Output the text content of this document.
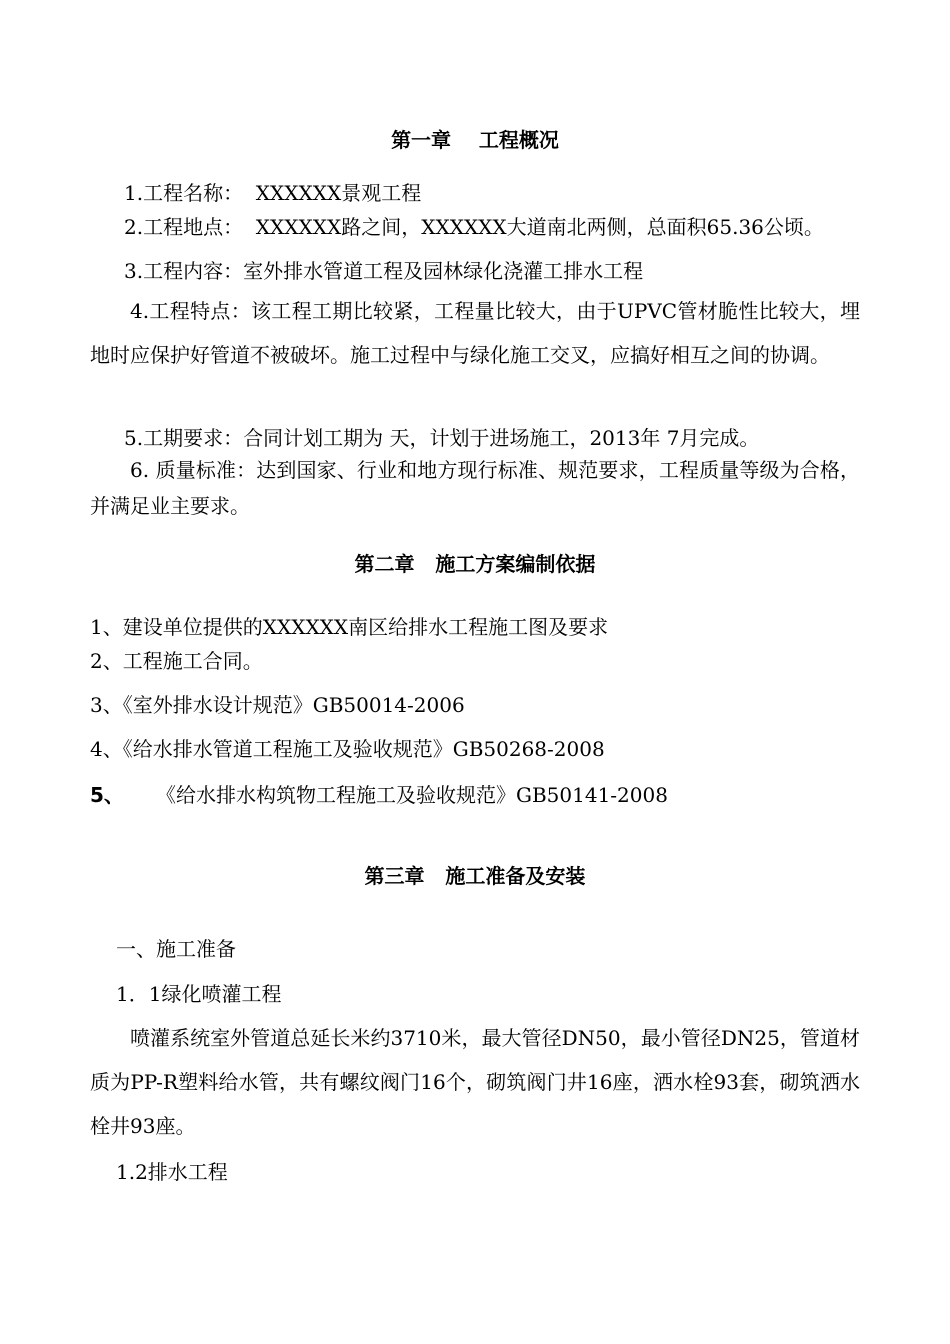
第一章    工程概况
1.工程名称：  XXXXXX景观工程
2.工程地点：  XXXXXX路之间，XXXXXX大道南北两侧，总面积65.36公顷。
3.工程内容：室外排水管道工程及园林绿化浇灌工排水工程
4.工程特点：该工程工期比较紧，工程量比较大，由于UPVC管材脆性比较大，埋地时应保护好管道不被破坏。施工过程中与绿化施工交叉，应搞好相互之间的协调。
5.工期要求：合同计划工期为 天，计划于进场施工，2013年 7月完成。
6. 质量标准：达到国家、行业和地方现行标准、规范要求，工程质量等级为合格，并满足业主要求。
第二章   施工方案编制依据
1、建设单位提供的XXXXXX南区给排水工程施工图及要求
2、工程施工合同。
3、《室外排水设计规范》GB50014-2006
4、《给水排水管道工程施工及验收规范》GB50268-2008
5、 《给水排水构筑物工程施工及验收规范》GB50141-2008
第三章   施工准备及安装
一、施工准备
1．1绿化喷灌工程
喷灌系统室外管道总延长米约3710米，最大管径DN50，最小管径DN25，管道材质为PP-R塑料给水管，共有螺纹阀门16个，砌筑阀门井16座，洒水栓93套，砌筑洒水栓井93座。
1.2排水工程
